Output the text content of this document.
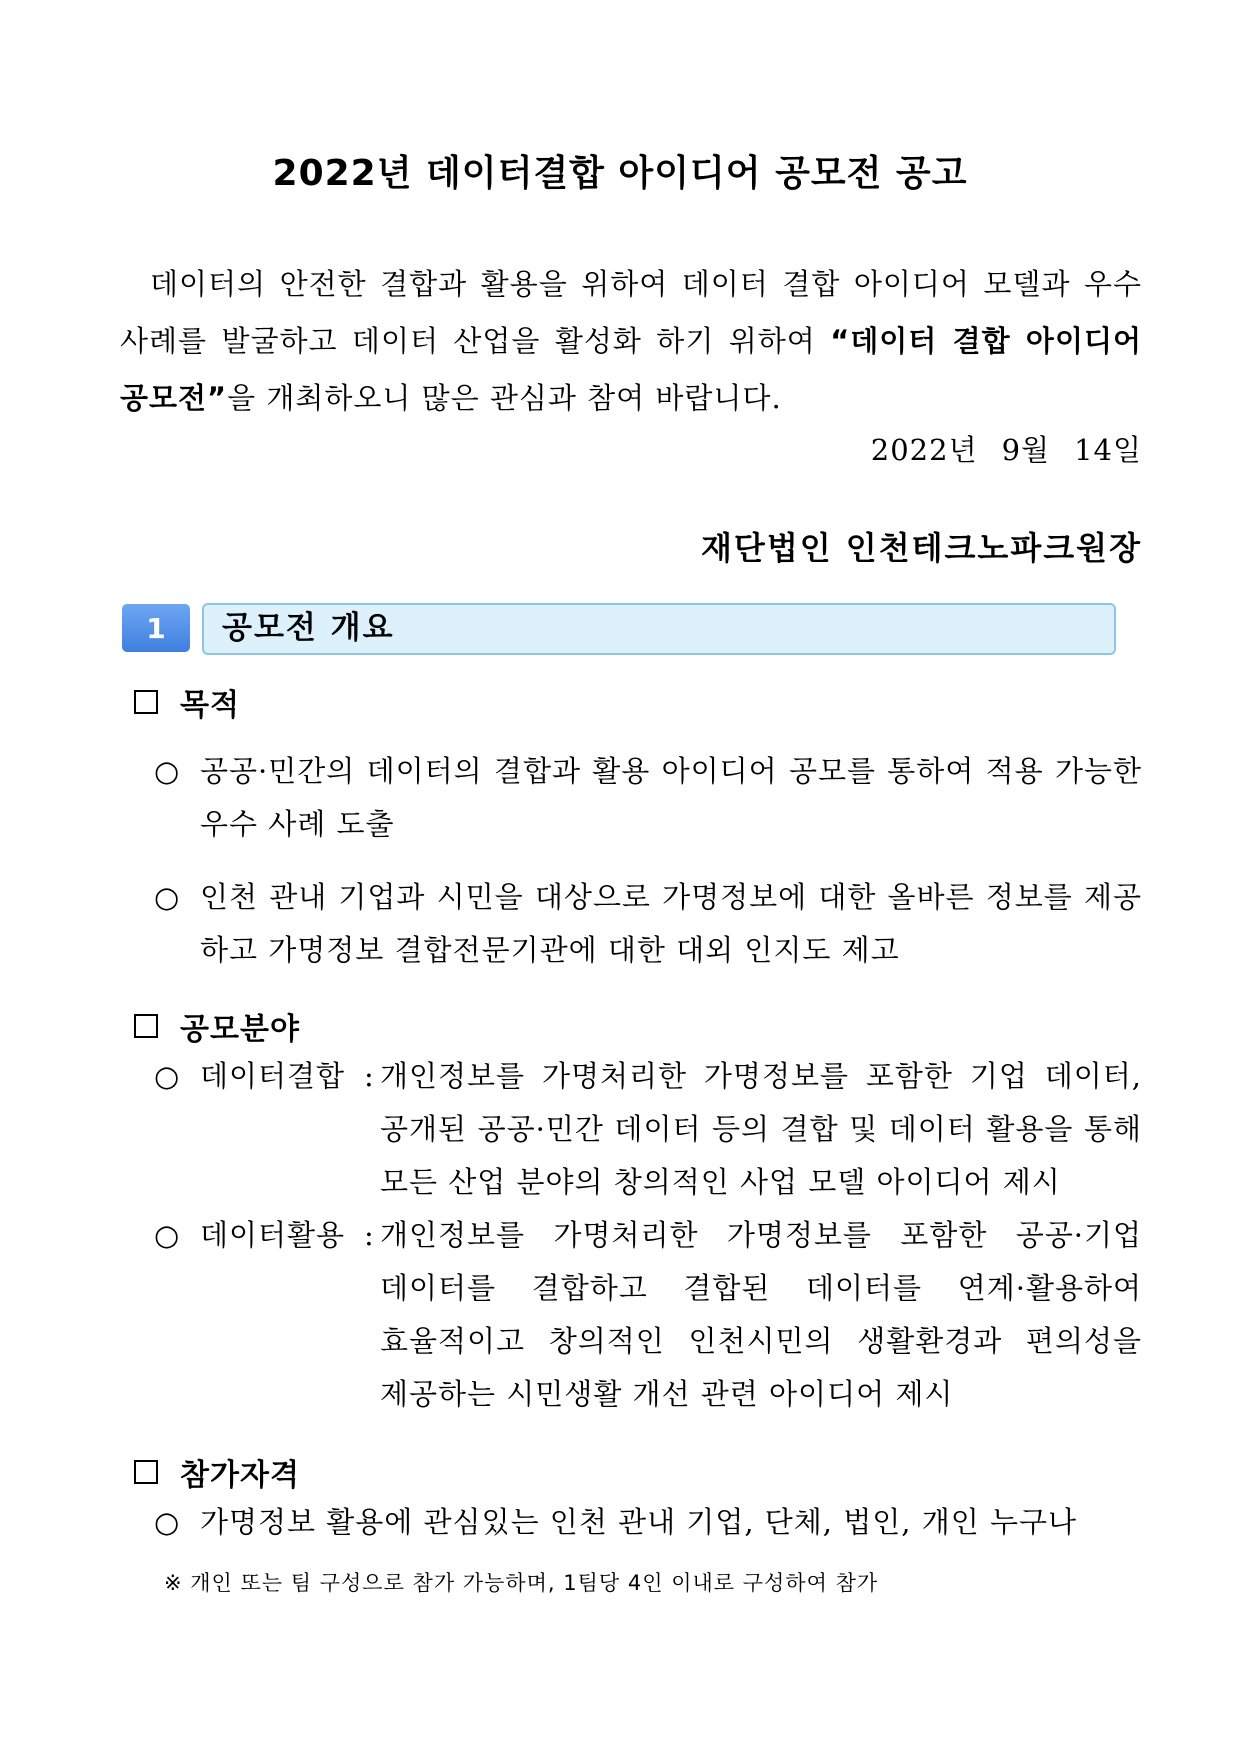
2022년 데이터결합 아이디어 공모전 공고

데이터의 안전한 결합과 활용을 위하여 데이터 결합 아이디어 모델과 우수 사례를 발굴하고 데이터 산업을 활성화 하기 위하여 “데이터 결합 아이디어 공모전”을 개최하오니 많은 관심과 참여 바랍니다.

2022년 9월 14일
재단법인 인천테크노파크원장
1	공모전 개요
목적
○ 공공·민간의 데이터의 결합과 활용 아이디어 공모를 통하여 적용 가능한 우수 사례 도출
○ 인천 관내 기업과 시민을 대상으로 가명정보에 대한 올바른 정보를 제공하고 가명정보 결합전문기관에 대한 대외 인지도 제고
공모분야
○ 데이터결합 : 개인정보를 가명처리한 가명정보를 포함한 기업 데이터,
공개된 공공·민간 데이터 등의 결합 및 데이터 활용을 통해
모든 산업 분야의 창의적인 사업 모델 아이디어 제시
○ 데이터활용 : 개인정보를 가명처리한 가명정보를 포함한 공공·기업
데이터를 결합하고 결합된 데이터를 연계·활용하여
효율적이고 창의적인 인천시민의 생활환경과 편의성을
제공하는 시민생활 개선 관련 아이디어 제시
참가자격
○ 가명정보 활용에 관심있는 인천 관내 기업, 단체, 법인, 개인 누구나
※ 개인 또는 팀 구성으로 참가 가능하며, 1팀당 4인 이내로 구성하여 참가
